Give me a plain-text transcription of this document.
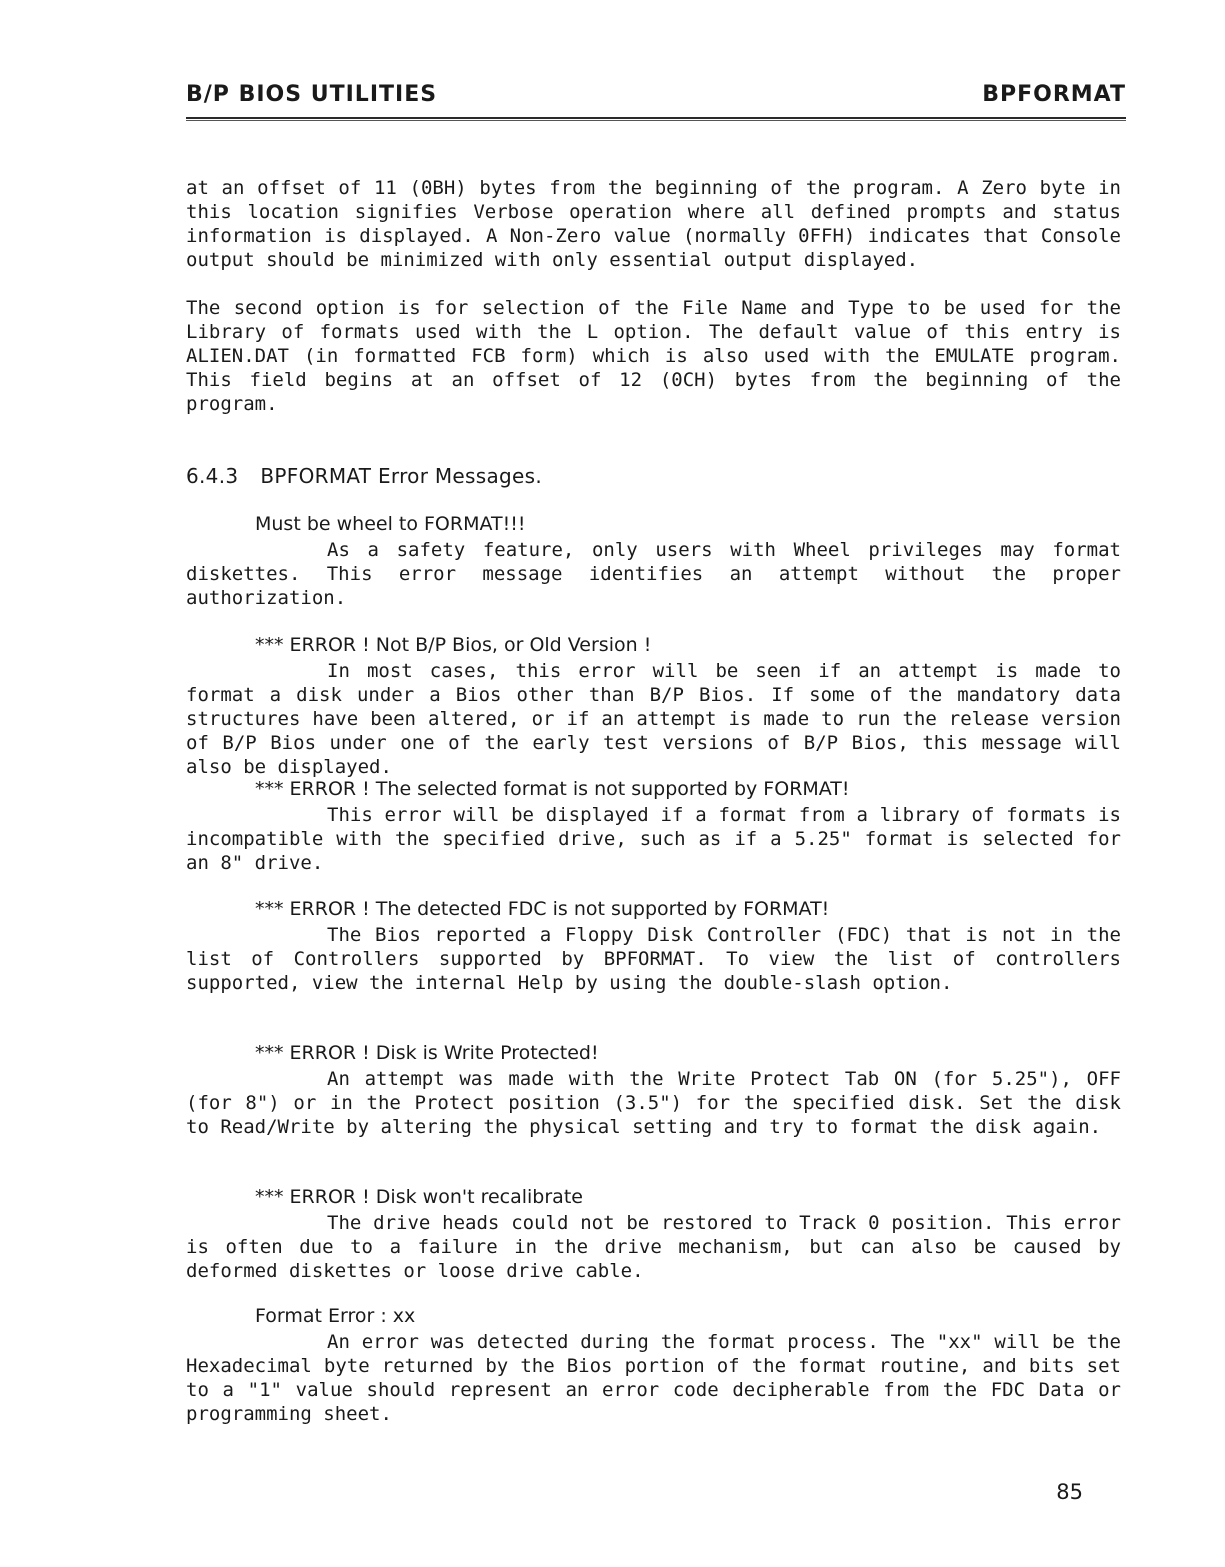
B/P BIOS UTILITIES	BPFORMAT

at an offset of 11 (0BH) bytes from the beginning of the program. A Zero byte in this location signifies Verbose operation where all defined prompts and status information is displayed. A Non-Zero value (normally 0FFH) indicates that Console output should be minimized with only essential output displayed.

The second option is for selection of the File Name and Type to be used for the Library of formats used with the L option. The default value of this entry is ALIEN.DAT (in formatted FCB form) which is also used with the EMULATE program. This field begins at an offset of 12 (0CH) bytes from the beginning of the program.

6.4.3 BPFORMAT Error Messages.
Must be wheel to FORMAT!!!

As a safety feature, only users with Wheel privileges may format diskettes. This error message identifies an attempt without the proper authorization.

*** ERROR ! Not B/P Bios, or Old Version !

In most cases, this error will be seen if an attempt is made to format a disk under a Bios other than B/P Bios. If some of the mandatory data structures have been altered, or if an attempt is made to run the release version of B/P Bios under one of the early test versions of B/P Bios, this message will also be displayed.

*** ERROR ! The selected format is not supported by FORMAT!

This error will be displayed if a format from a library of formats is incompatible with the specified drive, such as if a 5.25" format is selected for an 8" drive.

*** ERROR ! The detected FDC is not supported by FORMAT!

The Bios reported a Floppy Disk Controller (FDC) that is not in the list of Controllers supported by BPFORMAT. To view the list of controllers supported, view the internal Help by using the double-slash option.

*** ERROR ! Disk is Write Protected!

An attempt was made with the Write Protect Tab ON (for 5.25"), OFF (for 8") or in the Protect position (3.5") for the specified disk. Set the disk to Read/Write by altering the physical setting and try to format the disk again.

*** ERROR ! Disk won't recalibrate

The drive heads could not be restored to Track 0 position. This error is often due to a failure in the drive mechanism, but can also be caused by deformed diskettes or loose drive cable.

Format Error : xx

An error was detected during the format process. The "xx" will be the Hexadecimal byte returned by the Bios portion of the format routine, and bits set to a "1" value should represent an error code decipherable from the FDC Data or programming sheet.

85
